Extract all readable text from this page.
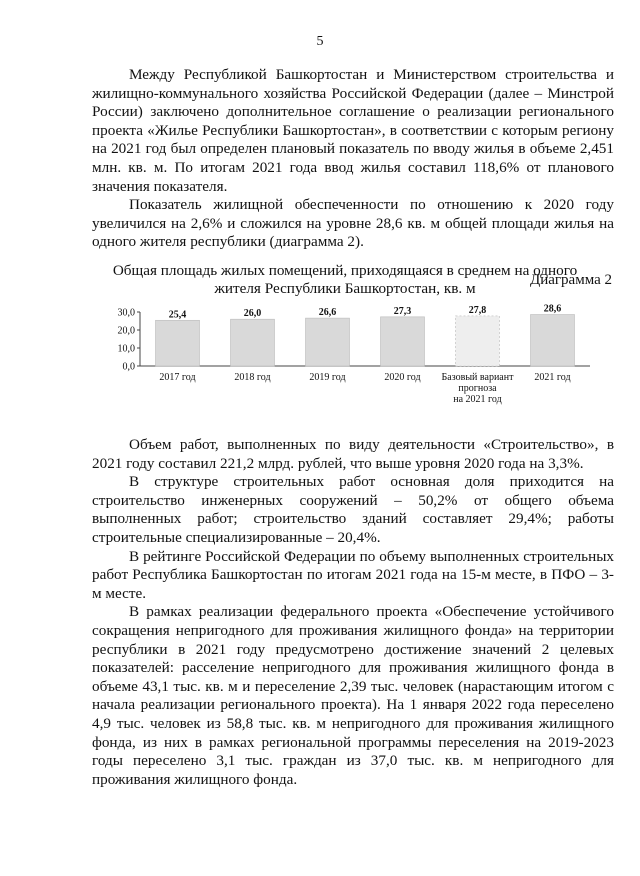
5

Между Республикой Башкортостан и Министерством строительства и жилищно-коммунального хозяйства Российской Федерации (далее – Минстрой России) заключено дополнительное соглашение о реализации регионального проекта «Жилье Республики Башкортостан», в соответствии с которым региону на 2021 год был определен плановый показатель по вводу жилья в объеме 2,451 млн. кв. м. По итогам 2021 года ввод жилья составил 118,6% от планового значения показателя.

Показатель жилищной обеспеченности по отношению к 2020 году увеличился на 2,6% и сложился на уровне 28,6 кв. м общей площади жилья на одного жителя республики (диаграмма 2).

Диаграмма 2
Общая площадь жилых помещений, приходящаяся в среднем на одного жителя Республики Башкортостан, кв. м
0,0
10,0
20,0
30,0	25,4
2017 год
26,0
2018 год
26,6
2019 год
27,3
2020 год
27,8
Базовый вариант
прогноза
на 2021 год
28,6
2021 год

Объем работ, выполненных по виду деятельности «Строительство», в 2021 году составил 221,2 млрд. рублей, что выше уровня 2020 года на 3,3%.

В структуре строительных работ основная доля приходится на строительство инженерных сооружений – 50,2% от общего объема выполненных работ; строительство зданий составляет 29,4%; работы строительные специализированные – 20,4%.

В рейтинге Российской Федерации по объему выполненных строительных работ Республика Башкортостан по итогам 2021 года на 15-м месте, в ПФО – 3-м месте.

В рамках реализации федерального проекта «Обеспечение устойчивого сокращения непригодного для проживания жилищного фонда» на территории республики в 2021 году предусмотрено достижение значений 2 целевых показателей: расселение непригодного для проживания жилищного фонда в объеме 43,1 тыс. кв. м и переселение 2,39 тыс. человек (нарастающим итогом с начала реализации регионального проекта). На 1 января 2022 года переселено 4,9 тыс. человек из 58,8 тыс. кв. м непригодного для проживания жилищного фонда, из них в рамках региональной программы переселения на 2019-2023 годы переселено 3,1 тыс. граждан из 37,0 тыс. кв. м непригодного для проживания жилищного фонда.
